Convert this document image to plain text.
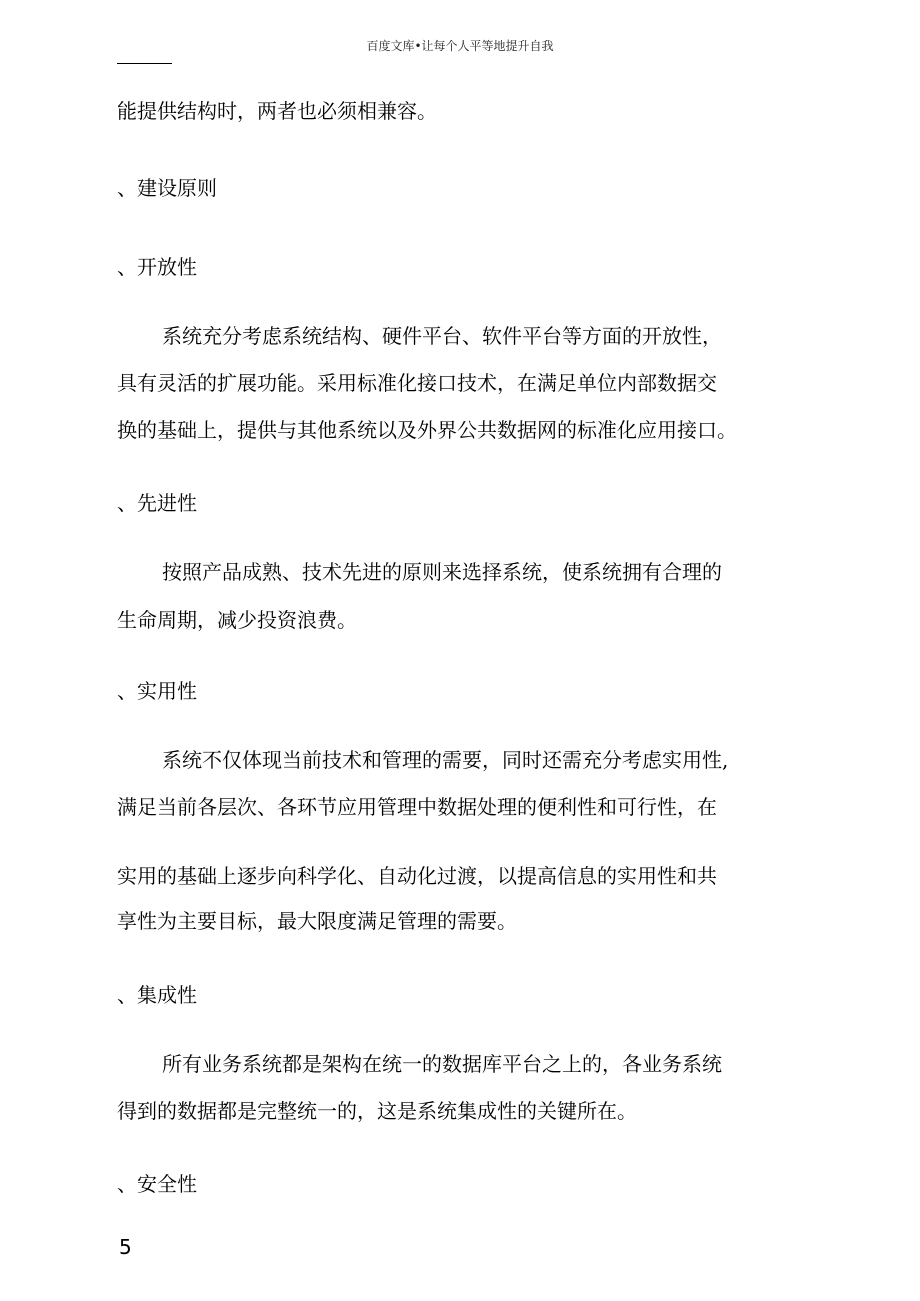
百度文库•让每个人平等地提升自我
能提供结构时，两者也必须相兼容。
、建设原则
、开放性
系统充分考虑系统结构、硬件平台、软件平台等方面的开放性，
具有灵活的扩展功能。采用标准化接口技术，在满足单位内部数据交
换的基础上，提供与其他系统以及外界公共数据网的标准化应用接口。
、先进性
按照产品成熟、技术先进的原则来选择系统，使系统拥有合理的
生命周期，减少投资浪费。
、实用性
系统不仅体现当前技术和管理的需要，同时还需充分考虑实用性,
满足当前各层次、各环节应用管理中数据处理的便利性和可行性，在
实用的基础上逐步向科学化、自动化过渡，以提高信息的实用性和共
享性为主要目标，最大限度满足管理的需要。
、集成性
所有业务系统都是架构在统一的数据库平台之上的，各业务系统
得到的数据都是完整统一的，这是系统集成性的关键所在。
、安全性
5
